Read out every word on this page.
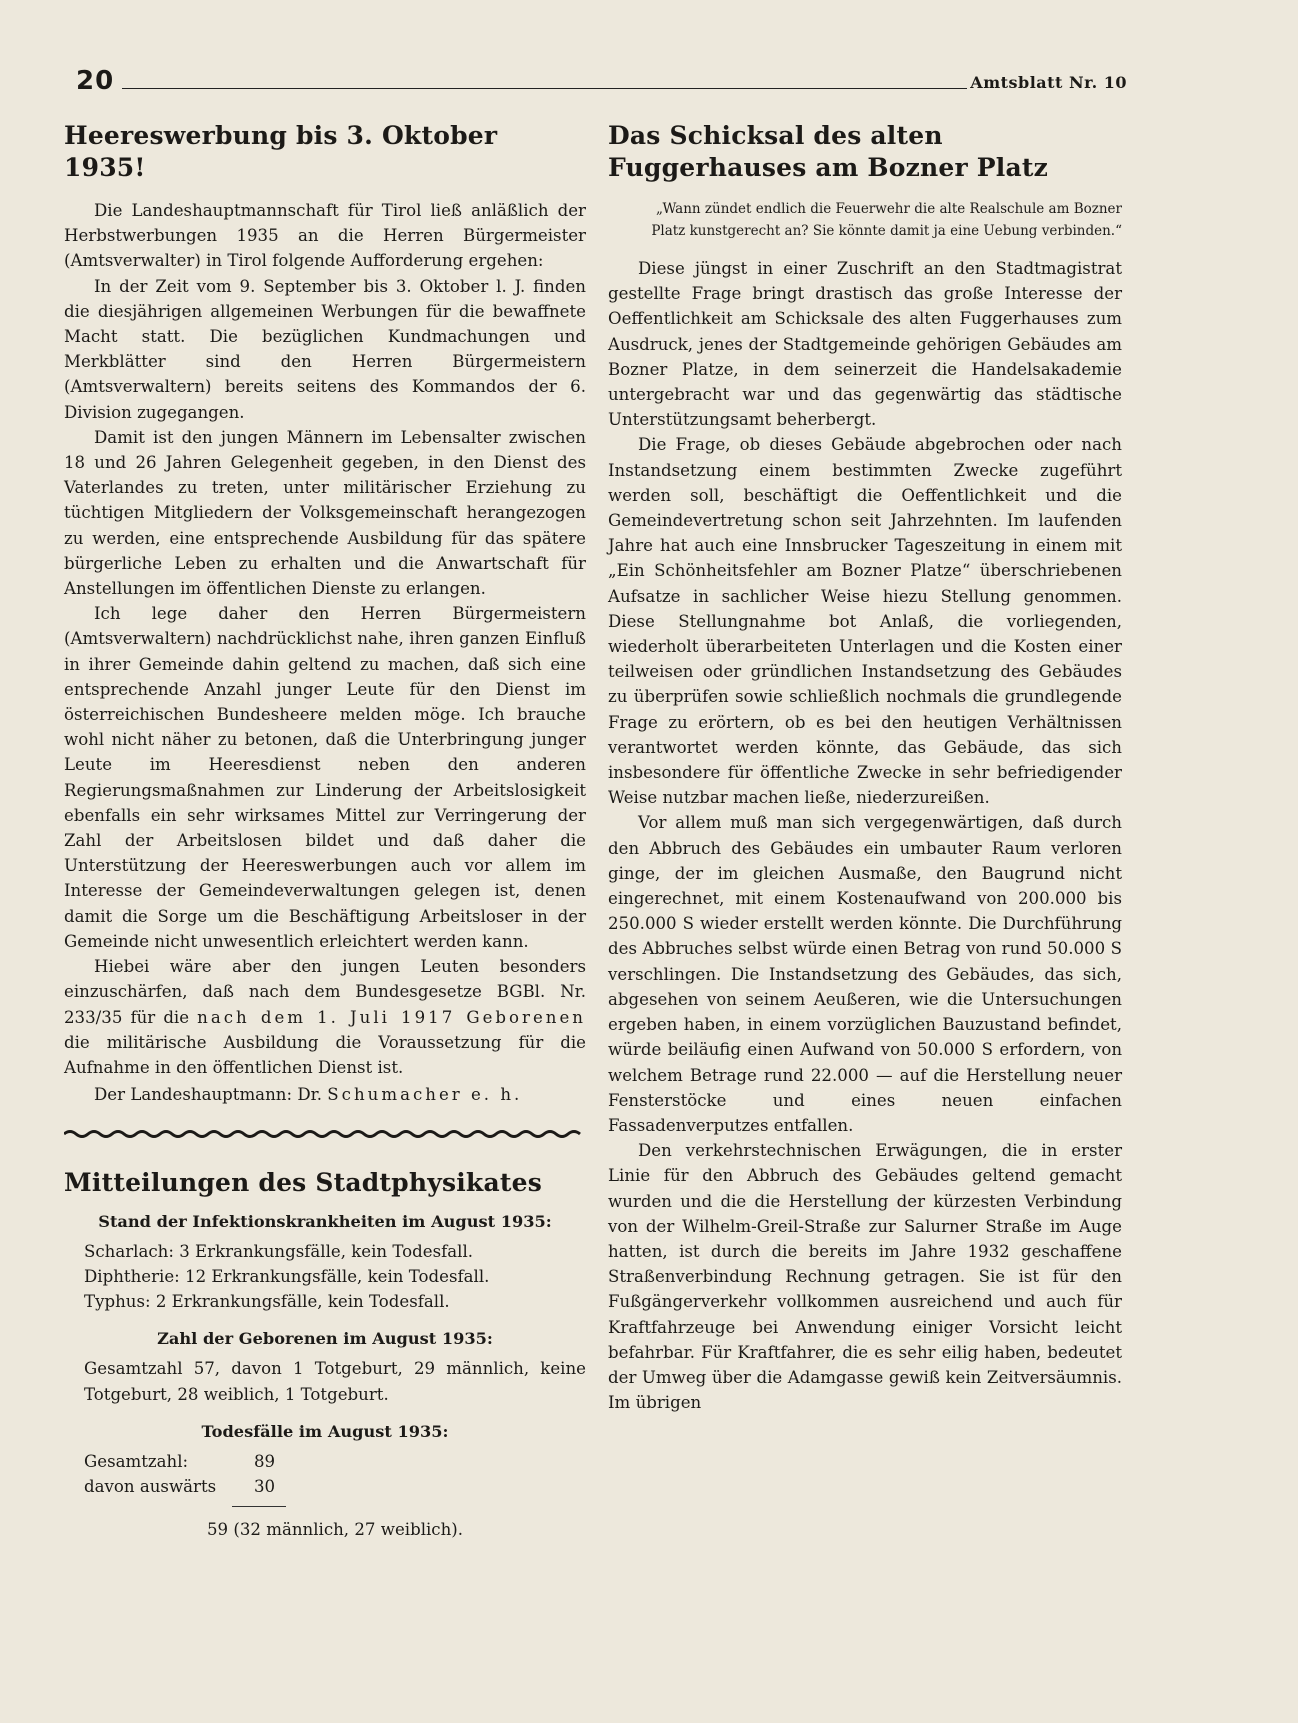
20	Amtsblatt Nr. 10
Heereswerbung bis 3. Oktober 1935!

Die Landeshauptmannschaft für Tirol ließ anläßlich der Herbstwerbungen 1935 an die Herren Bürgermeister (Amtsverwalter) in Tirol folgende Aufforderung ergehen:

In der Zeit vom 9. September bis 3. Oktober l. J. finden die diesjährigen allgemeinen Werbungen für die bewaffnete Macht statt. Die bezüglichen Kundmachungen und Merkblätter sind den Herren Bürgermeistern (Amtsverwaltern) bereits seitens des Kommandos der 6. Division zugegangen.

Damit ist den jungen Männern im Lebensalter zwischen 18 und 26 Jahren Gelegenheit gegeben, in den Dienst des Vaterlandes zu treten, unter militärischer Erziehung zu tüchtigen Mitgliedern der Volksgemeinschaft herangezogen zu werden, eine entsprechende Ausbildung für das spätere bürgerliche Leben zu erhalten und die Anwartschaft für Anstellungen im öffentlichen Dienste zu erlangen.

Ich lege daher den Herren Bürgermeistern (Amtsverwaltern) nachdrücklichst nahe, ihren ganzen Einfluß in ihrer Gemeinde dahin geltend zu machen, daß sich eine entsprechende Anzahl junger Leute für den Dienst im österreichischen Bundesheere melden möge. Ich brauche wohl nicht näher zu betonen, daß die Unterbringung junger Leute im Heeresdienst neben den anderen Regierungsmaßnahmen zur Linderung der Arbeitslosigkeit ebenfalls ein sehr wirksames Mittel zur Verringerung der Zahl der Arbeitslosen bildet und daß daher die Unterstützung der Heereswerbungen auch vor allem im Interesse der Gemeindeverwaltungen gelegen ist, denen damit die Sorge um die Beschäftigung Arbeitsloser in der Gemeinde nicht unwesentlich erleichtert werden kann.

Hiebei wäre aber den jungen Leuten besonders einzuschärfen, daß nach dem Bundesgesetze BGBl. Nr. 233/35 für die nach dem 1. Juli 1917 Geborenen die militärische Ausbildung die Voraussetzung für die Aufnahme in den öffentlichen Dienst ist.

Der Landeshauptmann: Dr. Schumacher e. h.

Mitteilungen des Stadtphysikates
Stand der Infektionskrankheiten im August 1935:
Scharlach: 3 Erkrankungsfälle, kein Todesfall.
Diphtherie: 12 Erkrankungsfälle, kein Todesfall.
Typhus: 2 Erkrankungsfälle, kein Todesfall.
Zahl der Geborenen im August 1935:

Gesamtzahl 57, davon 1 Totgeburt, 29 männlich, keine Totgeburt, 28 weiblich, 1 Totgeburt.

Todesfälle im August 1935:
Gesamtzahl:	89
davon auswärts	30
59 (32 männlich, 27 weiblich).
Das Schicksal des alten Fuggerhauses am Bozner Platz

„Wann zündet endlich die Feuerwehr die alte Realschule am Bozner Platz kunstgerecht an? Sie könnte damit ja eine Uebung verbinden.“

Diese jüngst in einer Zuschrift an den Stadtmagistrat gestellte Frage bringt drastisch das große Interesse der Oeffentlichkeit am Schicksale des alten Fuggerhauses zum Ausdruck, jenes der Stadtgemeinde gehörigen Gebäudes am Bozner Platze, in dem seinerzeit die Handelsakademie untergebracht war und das gegenwärtig das städtische Unterstützungsamt beherbergt.

Die Frage, ob dieses Gebäude abgebrochen oder nach Instandsetzung einem bestimmten Zwecke zugeführt werden soll, beschäftigt die Oeffentlichkeit und die Gemeindevertretung schon seit Jahrzehnten. Im laufenden Jahre hat auch eine Innsbrucker Tageszeitung in einem mit „Ein Schönheitsfehler am Bozner Platze“ überschriebenen Aufsatze in sachlicher Weise hiezu Stellung genommen. Diese Stellungnahme bot Anlaß, die vorliegenden, wiederholt überarbeiteten Unterlagen und die Kosten einer teilweisen oder gründlichen Instandsetzung des Gebäudes zu überprüfen sowie schließlich nochmals die grundlegende Frage zu erörtern, ob es bei den heutigen Verhältnissen verantwortet werden könnte, das Gebäude, das sich insbesondere für öffentliche Zwecke in sehr befriedigender Weise nutzbar machen ließe, niederzureißen.

Vor allem muß man sich vergegenwärtigen, daß durch den Abbruch des Gebäudes ein umbauter Raum verloren ginge, der im gleichen Ausmaße, den Baugrund nicht eingerechnet, mit einem Kostenaufwand von 200.000 bis 250.000 S wieder erstellt werden könnte. Die Durchführung des Abbruches selbst würde einen Betrag von rund 50.000 S verschlingen. Die Instandsetzung des Gebäudes, das sich, abgesehen von seinem Aeußeren, wie die Untersuchungen ergeben haben, in einem vorzüglichen Bauzustand befindet, würde beiläufig einen Aufwand von 50.000 S erfordern, von welchem Betrage rund 22.000 — auf die Herstellung neuer Fensterstöcke und eines neuen einfachen Fassadenverputzes entfallen.

Den verkehrstechnischen Erwägungen, die in erster Linie für den Abbruch des Gebäudes geltend gemacht wurden und die die Herstellung der kürzesten Verbindung von der Wilhelm-Greil-Straße zur Salurner Straße im Auge hatten, ist durch die bereits im Jahre 1932 geschaffene Straßenverbindung Rechnung getragen. Sie ist für den Fußgängerverkehr vollkommen ausreichend und auch für Kraftfahrzeuge bei Anwendung einiger Vorsicht leicht befahrbar. Für Kraftfahrer, die es sehr eilig haben, bedeutet der Umweg über die Adamgasse gewiß kein Zeitversäumnis. Im übrigen
